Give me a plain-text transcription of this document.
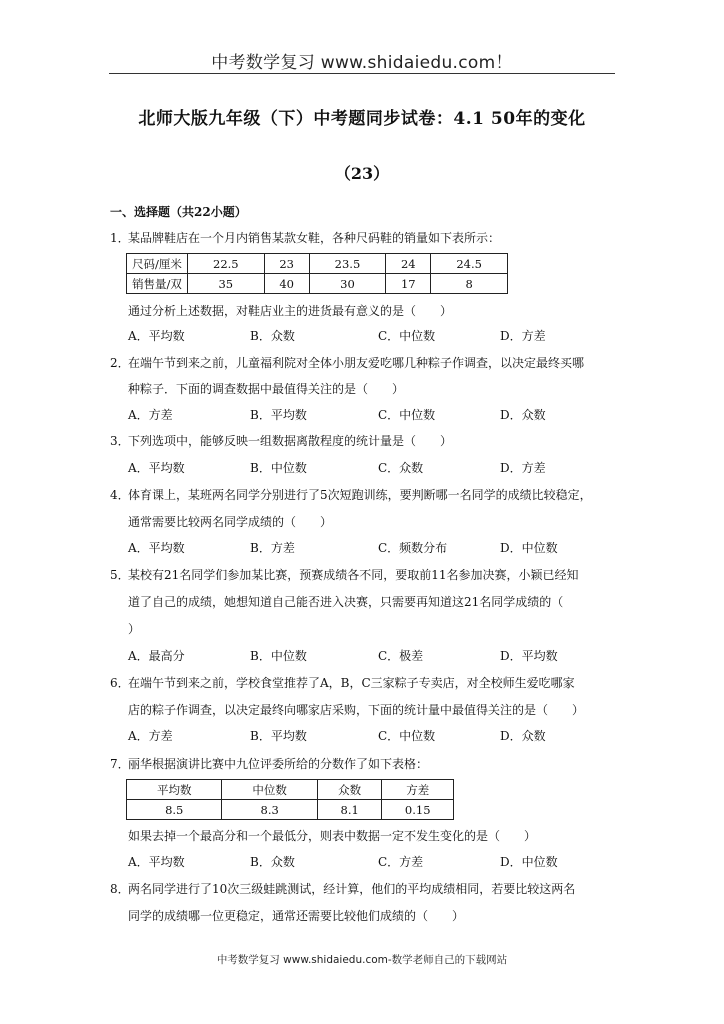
中考数学复习 www.shidaiedu.com！
北师大版九年级（下）中考题同步试卷：4.1 50年的变化
（23）
一、选择题（共22小题）
1．
某品牌鞋店在一个月内销售某款女鞋，各种尺码鞋的销量如下表所示：
尺码/厘米	22.5	23	23.5	24	24.5
销售量/双	35	40	30	17	8
通过分析上述数据，对鞋店业主的进货最有意义的是（　　）
A．平均数	B．众数	C．中位数	D．方差
2．
在端午节到来之前，儿童福利院对全体小朋友爱吃哪几种粽子作调查，以决定最终买哪
种粽子．下面的调查数据中最值得关注的是（　　）
A．方差	B．平均数	C．中位数	D．众数
3．
下列选项中，能够反映一组数据离散程度的统计量是（　　）
A．平均数	B．中位数	C．众数	D．方差
4．
体育课上，某班两名同学分别进行了5次短跑训练，要判断哪一名同学的成绩比较稳定，
通常需要比较两名同学成绩的（　　）
A．平均数	B．方差	C．频数分布	D．中位数
5．
某校有21名同学们参加某比赛，预赛成绩各不同，要取前11名参加决赛，小颖已经知
道了自己的成绩，她想知道自己能否进入决赛，只需要再知道这21名同学成绩的（
）
A．最高分	B．中位数	C．极差	D．平均数
6．
在端午节到来之前，学校食堂推荐了A，B，C三家粽子专卖店，对全校师生爱吃哪家
店的粽子作调查，以决定最终向哪家店采购，下面的统计量中最值得关注的是（　　）
A．方差	B．平均数	C．中位数	D．众数
7．
丽华根据演讲比赛中九位评委所给的分数作了如下表格：
平均数	中位数	众数	方差
8.5	8.3	8.1	0.15
如果去掉一个最高分和一个最低分，则表中数据一定不发生变化的是（　　）
A．平均数	B．众数	C．方差	D．中位数
8．
两名同学进行了10次三级蛙跳测试，经计算，他们的平均成绩相同，若要比较这两名
同学的成绩哪一位更稳定，通常还需要比较他们成绩的（　　）
中考数学复习 www.shidaiedu.com-数学老师自己的下载网站
